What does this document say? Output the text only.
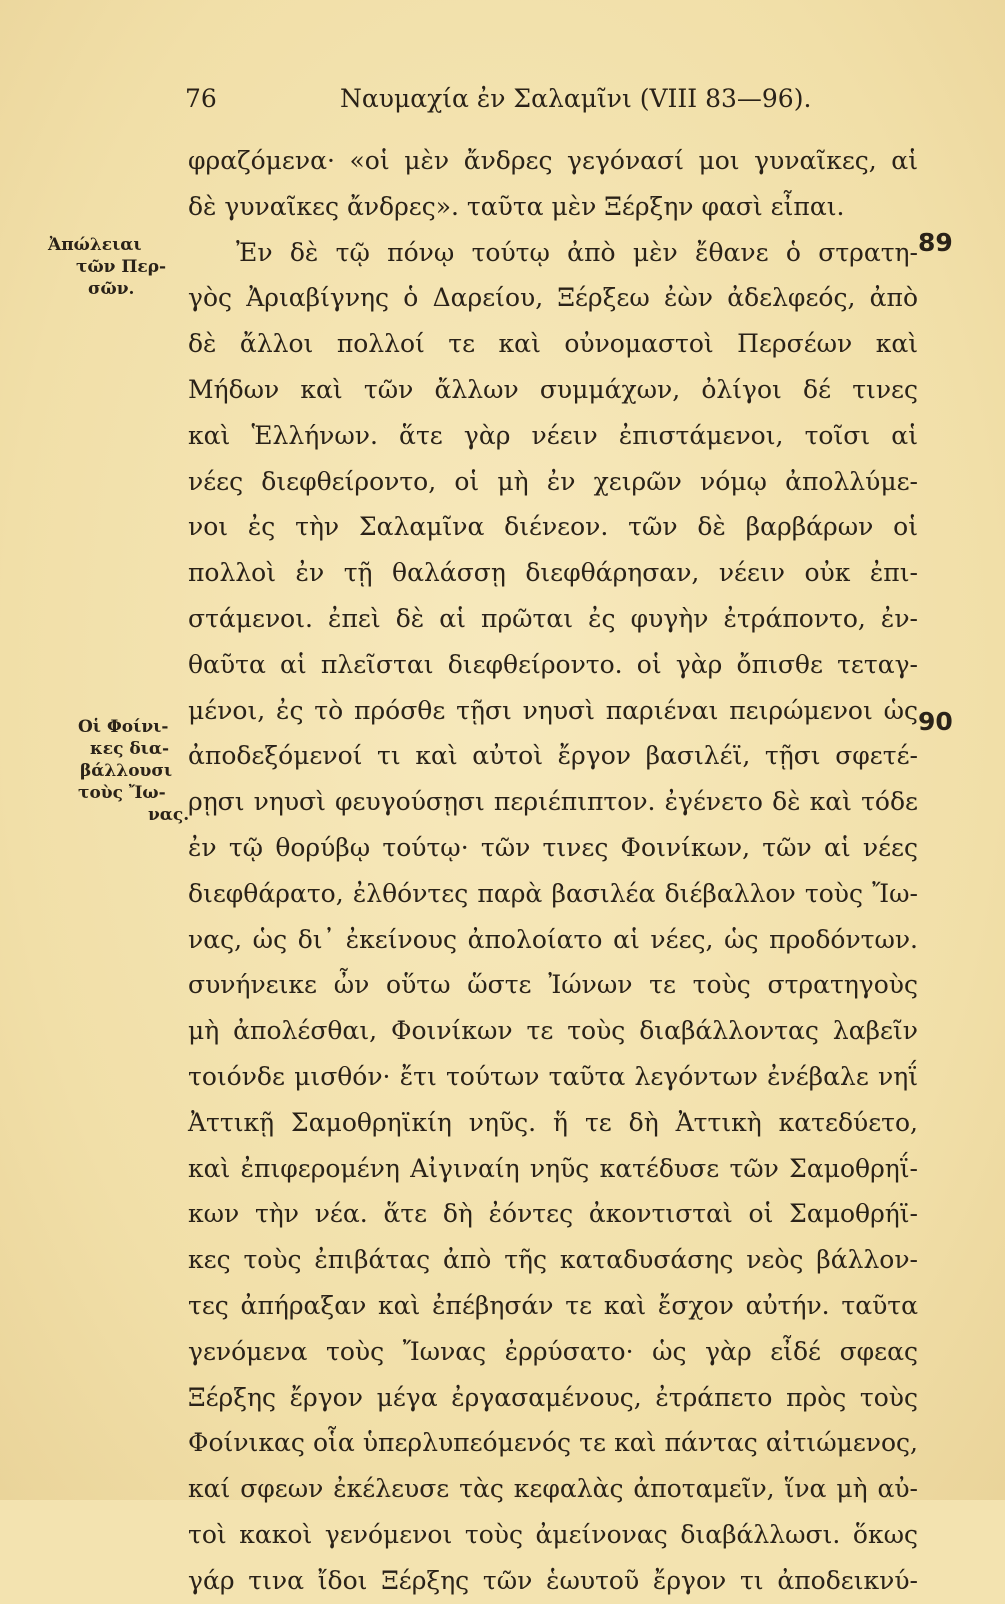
76	Ναυμαχία ἐν Σαλαμῖνι (VIII 83—96).
89
90
Ἀπώλειαι
τῶν Περ-
σῶν.
Οἱ Φοίνι-
κες δια-
βάλλουσι
τοὺς Ἴω-
νας.
φραζόμενα· «οἱ μὲν ἄνδρες γεγόνασί μοι γυναῖκες, αἱ
δὲ γυναῖκες ἄνδρες». ταῦτα μὲν Ξέρξην φασὶ εἶπαι.
Ἐν δὲ τῷ πόνῳ τούτῳ ἀπὸ μὲν ἔθανε ὁ στρατη-
γὸς Ἀριαβίγνης ὁ Δαρείου, Ξέρξεω ἐὼν ἀδελφεός, ἀπὸ
δὲ ἄλλοι πολλοί τε καὶ οὐνομαστοὶ Περσέων καὶ
Μήδων καὶ τῶν ἄλλων συμμάχων, ὀλίγοι δέ τινες
καὶ Ἑλλήνων. ἅτε γὰρ νέειν ἐπιστάμενοι, τοῖσι αἱ
νέες διεφθείροντο, οἱ μὴ ἐν χειρῶν νόμῳ ἀπολλύμε-
νοι ἐς τὴν Σαλαμῖνα διένεον. τῶν δὲ βαρβάρων οἱ
πολλοὶ ἐν τῇ θαλάσσῃ διεφθάρησαν, νέειν οὐκ ἐπι-
στάμενοι. ἐπεὶ δὲ αἱ πρῶται ἐς φυγὴν ἐτράποντο, ἐν-
θαῦτα αἱ πλεῖσται διεφθείροντο. οἱ γὰρ ὄπισθε τεταγ-
μένοι, ἐς τὸ πρόσθε τῇσι νηυσὶ παριέναι πειρώμενοι ὡς
ἀποδεξόμενοί τι καὶ αὐτοὶ ἔργον βασιλέϊ, τῇσι σφετέ-
ρῃσι νηυσὶ φευγούσῃσι περιέπιπτον. ἐγένετο δὲ καὶ τόδε
ἐν τῷ θορύβῳ τούτῳ· τῶν τινες Φοινίκων, τῶν αἱ νέες
διεφθάρατο, ἐλθόντες παρὰ βασιλέα διέβαλλον τοὺς Ἴω-
νας, ὡς δι᾽ ἐκείνους ἀπολοίατο αἱ νέες, ὡς προδόντων.
συνήνεικε ὦν οὕτω ὥστε Ἰώνων τε τοὺς στρατηγοὺς
μὴ ἀπολέσθαι, Φοινίκων τε τοὺς διαβάλλοντας λαβεῖν
τοιόνδε μισθόν· ἔτι τούτων ταῦτα λεγόντων ἐνέβαλε νηΐ
Ἀττικῇ Σαμοθρηϊκίη νηῦς. ἥ τε δὴ Ἀττικὴ κατεδύετο,
καὶ ἐπιφερομένη Αἰγιναίη νηῦς κατέδυσε τῶν Σαμοθρηΐ-
κων τὴν νέα. ἅτε δὴ ἐόντες ἀκοντισταὶ οἱ Σαμοθρήϊ-
κες τοὺς ἐπιβάτας ἀπὸ τῆς καταδυσάσης νεὸς βάλλον-
τες ἀπήραξαν καὶ ἐπέβησάν τε καὶ ἔσχον αὐτήν. ταῦτα
γενόμενα τοὺς Ἴωνας ἐρρύσατο· ὡς γὰρ εἶδέ σφεας
Ξέρξης ἔργον μέγα ἐργασαμένους, ἐτράπετο πρὸς τοὺς
Φοίνικας οἷα ὑπερλυπεόμενός τε καὶ πάντας αἰτιώμενος,
καί σφεων ἐκέλευσε τὰς κεφαλὰς ἀποταμεῖν, ἵνα μὴ αὐ-
τοὶ κακοὶ γενόμενοι τοὺς ἀμείνονας διαβάλλωσι. ὅκως
γάρ τινα ἴδοι Ξέρξης τῶν ἑωυτοῦ ἔργον τι ἀποδεικνύ-
